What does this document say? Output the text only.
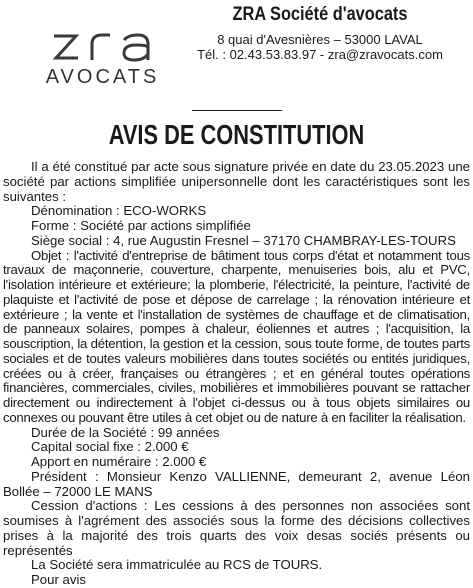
zra
AVOCATS
ZRA Société d'avocats
8 quai d'Avesnières – 53000 LAVAL
Tél. : 02.43.53.83.97 - zra@zravocats.com
AVIS DE CONSTITUTION

Il a été constitué par acte sous signature privée en date du 23.05.2023 une société par actions simplifiée unipersonnelle dont les caractéristiques sont les suivantes :

Dénomination : ECO-WORKS

Forme : Société par actions simplifiée

Siège social : 4, rue Augustin Fresnel – 37170 CHAMBRAY-LES-TOURS

Objet : l'activité d'entreprise de bâtiment tous corps d'état et notamment tous travaux de maçonnerie, couverture, charpente, menuiseries bois, alu et PVC, l'isolation intérieure et extérieure; la plomberie, l'électricité, la peinture, l'activité de plaquiste et l'activité de pose et dépose de carrelage ; la rénovation intérieure et extérieure ; la vente et l'installation de systèmes de chauffage et de climatisation, de panneaux solaires, pompes à chaleur, éoliennes et autres ; l'acquisition, la souscription, la détention, la gestion et la cession, sous toute forme, de toutes parts sociales et de toutes valeurs mobilières dans toutes sociétés ou entités juridiques, créées ou à créer, françaises ou étrangères ; et en général toutes opérations financières, commerciales, civiles, mobilières et immobilières pouvant se rattacher directement ou indirectement à l'objet ci-dessus ou à tous objets similaires ou connexes ou pouvant être utiles à cet objet ou de nature à en faciliter la réalisation.

Durée de la Société : 99 années

Capital social fixe : 2.000 €

Apport en numéraire : 2.000 €

Président : Monsieur Kenzo VALLIENNE, demeurant 2, avenue Léon Bollée – 72000 LE MANS

Cession d'actions : Les cessions à des personnes non associées sont soumises à l'agrément des associés sous la forme des décisions collectives prises à la majorité des trois quarts des voix desas sociés présents ou représentés

La Société sera immatriculée au RCS de TOURS.

Pour avis
